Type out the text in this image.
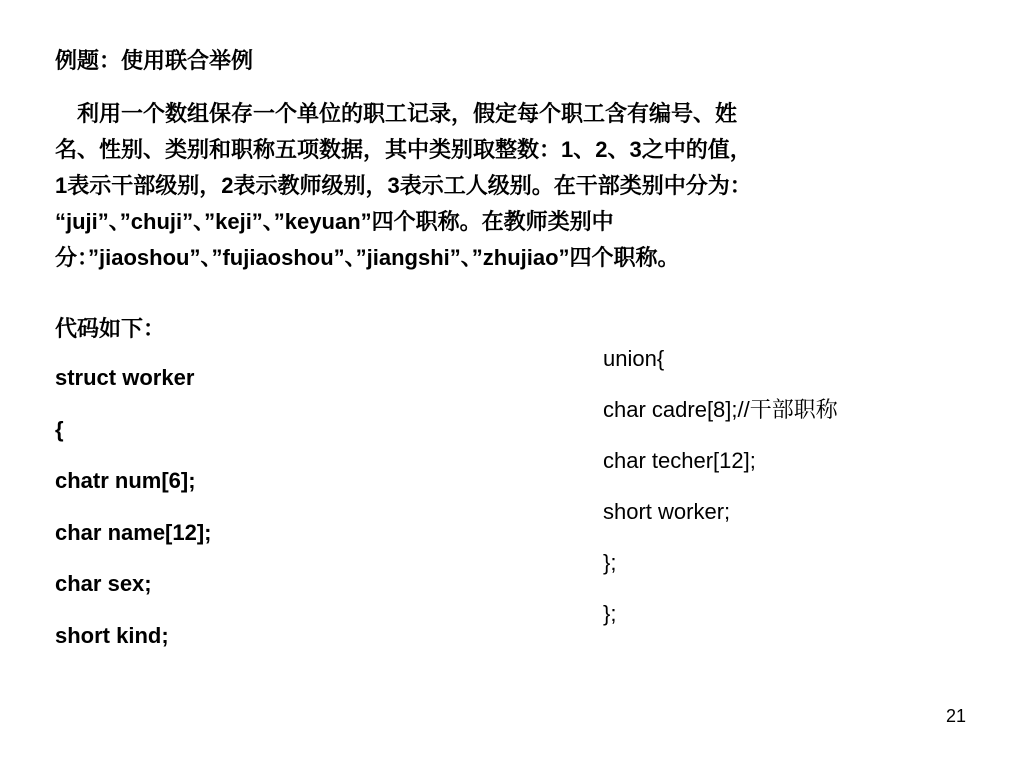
例题：使用联合举例
　利用一个数组保存一个单位的职工记录，假定每个职工含有编号、姓
名、性别、类别和职称五项数据，其中类别取整数：1、2、3之中的值，
1表示干部级别，2表示教师级别，3表示工人级别。在干部类别中分为：
“juji”、”chuji”、”keji”、”keyuan”四个职称。在教师类别中
分：”jiaoshou”、”fujiaoshou”、”jiangshi”、”zhujiao”四个职称。
代码如下：
struct worker
{
chatr num[6];
char name[12];
char sex;
short kind;
union{
char cadre[8];//干部职称
char techer[12];
short worker;
};
};
21
